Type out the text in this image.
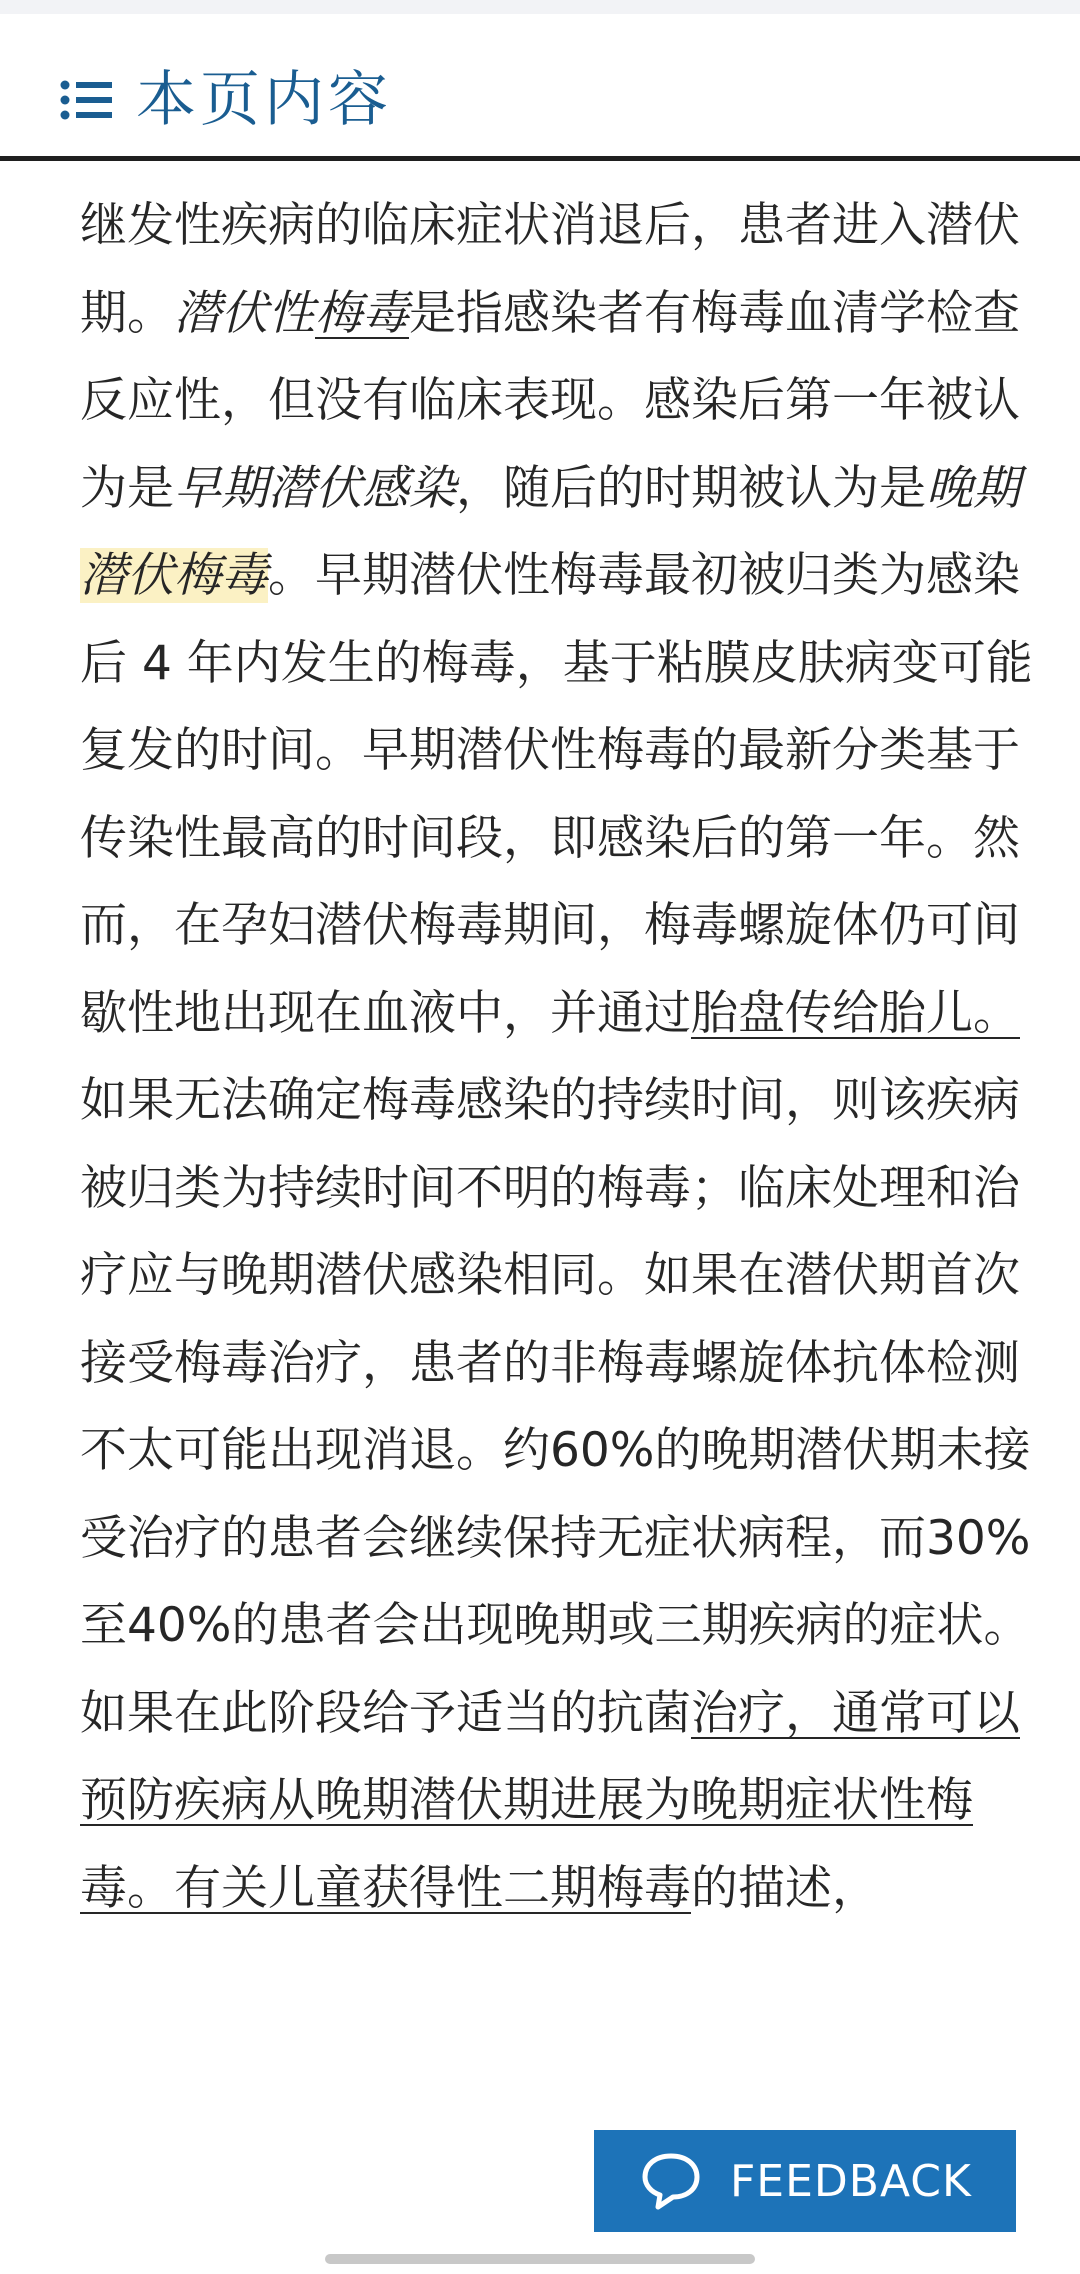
本页内容

继发性疾病的临床症状消退后，患者进入潜伏期。潜伏性梅毒是指感染者有梅毒血清学检查反应性，但没有临床表现。感染后第一年被认为是早期潜伏感染，随后的时期被认为是晚期潜伏梅毒。早期潜伏性梅毒最初被归类为感染后 4 年内发生的梅毒，基于粘膜皮肤病变可能复发的时间。早期潜伏性梅毒的最新分类基于传染性最高的时间段，即感染后的第一年。然而，在孕妇潜伏梅毒期间，梅毒螺旋体仍可间歇性地出现在血液中，并通过胎盘传给胎儿。

如果无法确定梅毒感染的持续时间，则该疾病被归类为持续时间不明的梅毒；临床处理和治疗应与晚期潜伏感染相同。如果在潜伏期首次接受梅毒治疗，患者的非梅毒螺旋体抗体检测不太可能出现消退。约60%的晚期潜伏期未接受治疗的患者会继续保持无症状病程，而30%至40%的患者会出现晚期或三期疾病的症状。如果在此阶段给予适当的抗菌治疗，通常可以预防疾病从晚期潜伏期进展为晚期症状性梅毒。有关儿童获得性二期梅毒的描述，

FEEDBACK
